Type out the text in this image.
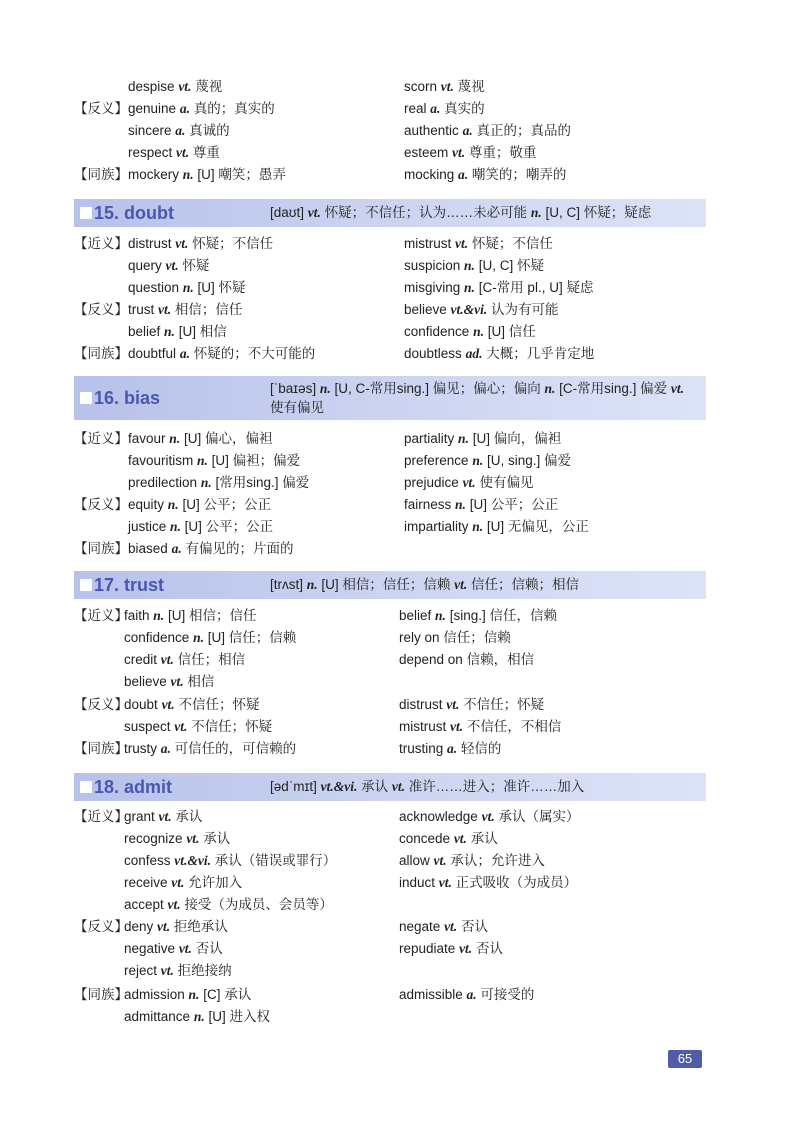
despise vt. 蔑视	scorn vt. 蔑视
【反义】 genuine a. 真的；真实的	real a. 真实的
sincere a. 真诚的	authentic a. 真正的；真品的
respect vt. 尊重	esteem vt. 尊重；敬重
【同族】 mockery n. [U] 嘲笑；愚弄	mocking a. 嘲笑的；嘲弄的
15. doubt	[daʊt] vt. 怀疑；不信任；认为……未必可能 n. [U, C] 怀疑；疑虑
【近义】 distrust vt. 怀疑；不信任	mistrust vt. 怀疑；不信任
query vt. 怀疑	suspicion n. [U, C] 怀疑
question n. [U] 怀疑	misgiving n. [C-常用 pl., U] 疑虑
【反义】 trust vt. 相信；信任	believe vt.&vi. 认为有可能
belief n. [U] 相信	confidence n. [U] 信任
【同族】 doubtful a. 怀疑的；不大可能的	doubtless ad. 大概；几乎肯定地
16. bias	[ˈbaɪəs] n. [U, C-常用sing.] 偏见；偏心；偏向 n. [C-常用sing.] 偏爱 vt. 使有偏见
【近义】 favour n. [U] 偏心，偏袒	partiality n. [U] 偏向，偏袒
favouritism n. [U] 偏袒；偏爱	preference n. [U, sing.] 偏爱
predilection n. [常用sing.] 偏爱	prejudice vt. 使有偏见
【反义】 equity n. [U] 公平；公正	fairness n. [U] 公平；公正
justice n. [U] 公平；公正	impartiality n. [U] 无偏见，公正
【同族】 biased a. 有偏见的；片面的
17. trust	[trʌst] n. [U] 相信；信任；信赖 vt. 信任；信赖；相信
【近义】
faith n. [U] 相信；信任	belief n. [sing.] 信任，信赖
confidence n. [U] 信任；信赖	rely on 信任；信赖
credit vt. 信任；相信	depend on 信赖，相信
believe vt. 相信
【反义】
doubt vt. 不信任；怀疑	distrust vt. 不信任；怀疑
suspect vt. 不信任；怀疑	mistrust vt. 不信任，不相信
【同族】
trusty a. 可信任的，可信赖的	trusting a. 轻信的
18. admit	[ədˈmɪt] vt.&vi. 承认 vt. 准许……进入；准许……加入
【近义】
grant vt. 承认	acknowledge vt. 承认（属实）
recognize vt. 承认	concede vt. 承认
confess vt.&vi. 承认（错误或罪行）	allow vt. 承认；允许进入
receive vt. 允许加入	induct vt. 正式吸收（为成员）
accept vt. 接受（为成员、会员等）
【反义】
deny vt. 拒绝承认	negate vt. 否认
negative vt. 否认	repudiate vt. 否认
reject vt. 拒绝接纳
【同族】
admission n. [C] 承认	admissible a. 可接受的
admittance n. [U] 进入权
65
